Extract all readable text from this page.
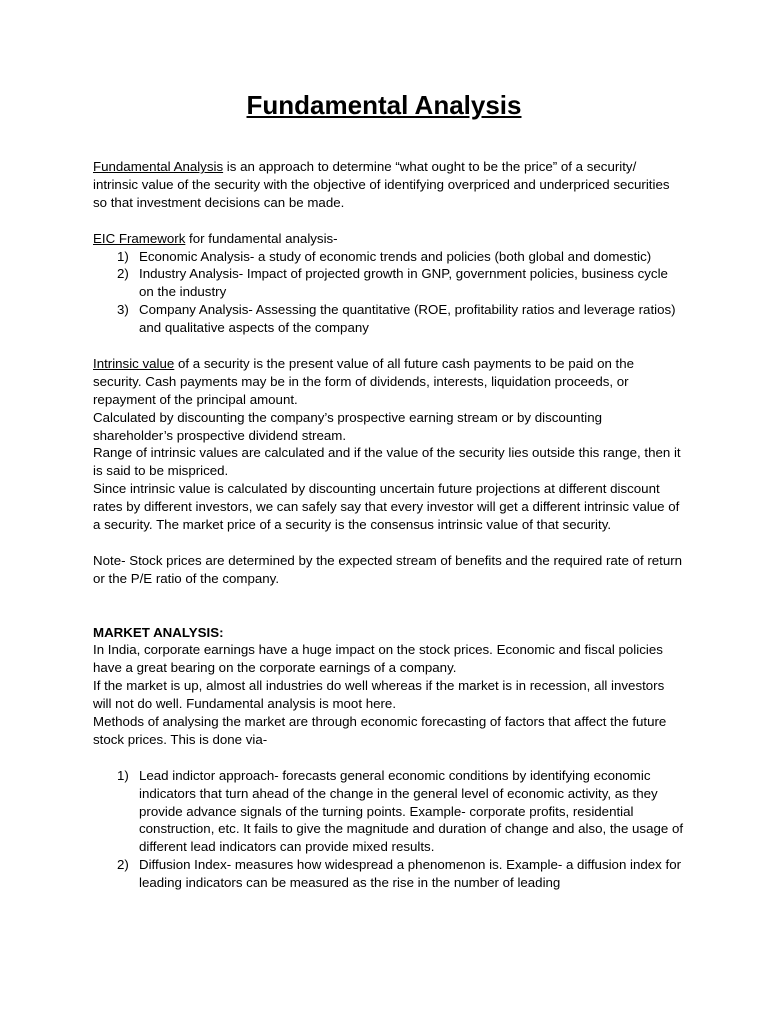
Fundamental Analysis

Fundamental Analysis is an approach to determine “what ought to be the price” of a security/ intrinsic value of the security with the objective of identifying overpriced and underpriced securities so that investment decisions can be made.

EIC Framework for fundamental analysis-

1) Economic Analysis- a study of economic trends and policies (both global and domestic)
2) Industry Analysis- Impact of projected growth in GNP, government policies, business cycle on the industry
3) Company Analysis- Assessing the quantitative (ROE, profitability ratios and leverage ratios) and qualitative aspects of the company

Intrinsic value of a security is the present value of all future cash payments to be paid on the security. Cash payments may be in the form of dividends, interests, liquidation proceeds, or repayment of the principal amount.

Calculated by discounting the company’s prospective earning stream or by discounting shareholder’s prospective dividend stream.

Range of intrinsic values are calculated and if the value of the security lies outside this range, then it is said to be mispriced.

Since intrinsic value is calculated by discounting uncertain future projections at different discount rates by different investors, we can safely say that every investor will get a different intrinsic value of a security. The market price of a security is the consensus intrinsic value of that security.

Note- Stock prices are determined by the expected stream of benefits and the required rate of return or the P/E ratio of the company.

MARKET ANALYSIS:

In India, corporate earnings have a huge impact on the stock prices. Economic and fiscal policies have a great bearing on the corporate earnings of a company.

If the market is up, almost all industries do well whereas if the market is in recession, all investors will not do well. Fundamental analysis is moot here.

Methods of analysing the market are through economic forecasting of factors that affect the future stock prices. This is done via-

1) Lead indictor approach- forecasts general economic conditions by identifying economic indicators that turn ahead of the change in the general level of economic activity, as they provide advance signals of the turning points. Example- corporate profits, residential construction, etc. It fails to give the magnitude and duration of change and also, the usage of different lead indicators can provide mixed results.
2) Diffusion Index- measures how widespread a phenomenon is. Example- a diffusion index for leading indicators can be measured as the rise in the number of leading
